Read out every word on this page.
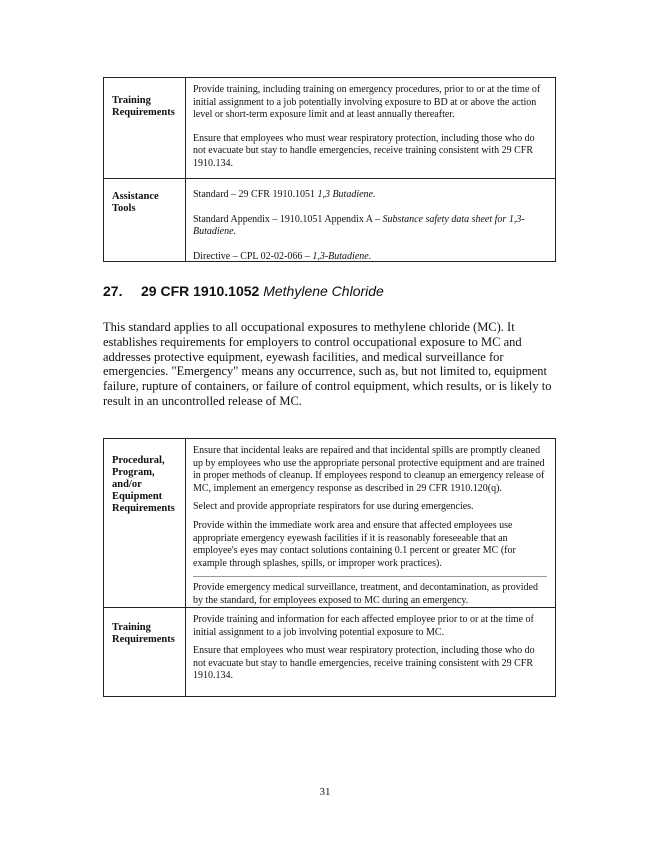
Training
Requirements
Provide training, including training on emergency procedures, prior to or at the time of initial assignment to a job potentially involving exposure to BD at or above the action level or short-term exposure limit and at least annually thereafter.
Ensure that employees who must wear respiratory protection, including those who do not evacuate but stay to handle emergencies, receive training consistent with 29 CFR 1910.134.
Assistance
Tools
Standard – 29 CFR 1910.1051 1,3 Butadiene.
Standard Appendix – 1910.1051 Appendix A – Substance safety data sheet for 1,3-Butadiene.
Directive – CPL 02-02-066 – 1,3-Butadiene.
27. 29 CFR 1910.1052 Methylene Chloride
This standard applies to all occupational exposures to methylene chloride (MC). It establishes requirements for employers to control occupational exposure to MC and addresses protective equipment, eyewash facilities, and medical surveillance for emergencies. "Emergency" means any occurrence, such as, but not limited to, equipment failure, rupture of containers, or failure of control equipment, which results, or is likely to result in an uncontrolled release of MC.
Procedural,
Program,
and/or
Equipment
Requirements
Ensure that incidental leaks are repaired and that incidental spills are promptly cleaned up by employees who use the appropriate personal protective equipment and are trained in proper methods of cleanup. If employees respond to cleanup an emergency release of MC, implement an emergency response as described in 29 CFR 1910.120(q).
Select and provide appropriate respirators for use during emergencies.
Provide within the immediate work area and ensure that affected employees use appropriate emergency eyewash facilities if it is reasonably foreseeable that an employee's eyes may contact solutions containing 0.1 percent or greater MC (for example through splashes, spills, or improper work practices).
Provide emergency medical surveillance, treatment, and decontamination, as provided by the standard, for employees exposed to MC during an emergency.
Training
Requirements
Provide training and information for each affected employee prior to or at the time of initial assignment to a job involving potential exposure to MC.
Ensure that employees who must wear respiratory protection, including those who do not evacuate but stay to handle emergencies, receive training consistent with 29 CFR 1910.134.
31
